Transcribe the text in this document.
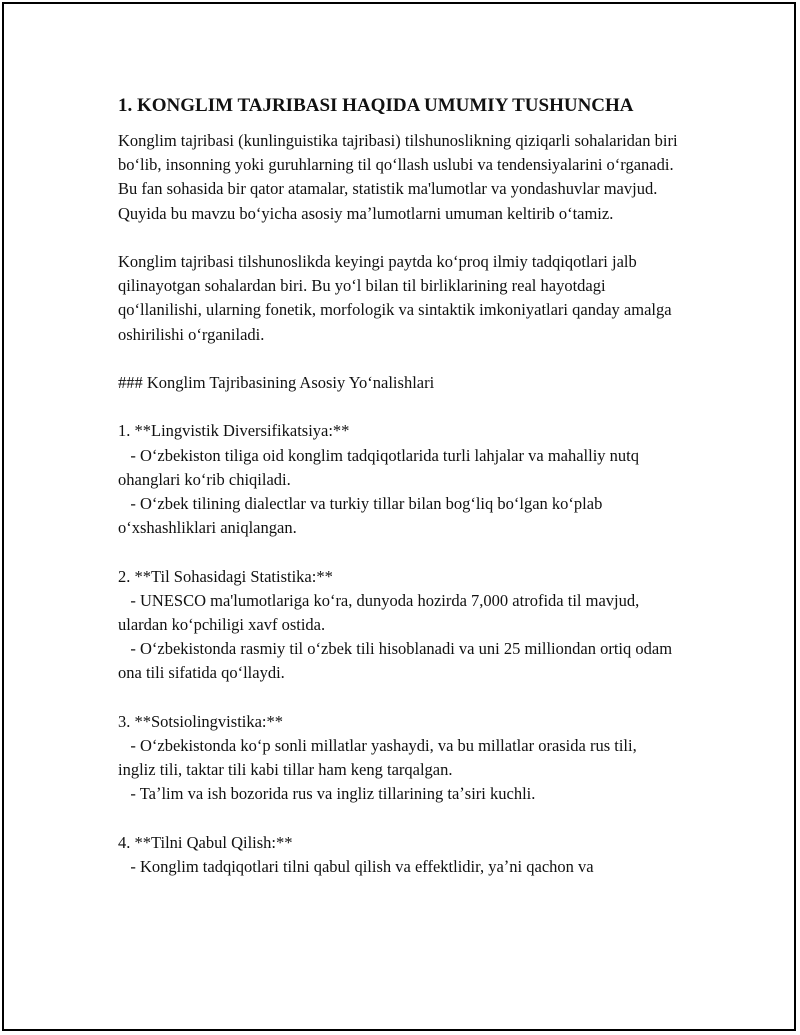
1. KONGLIM TAJRIBASI HAQIDA UMUMIY TUSHUNCHA

Konglim tajribasi (kunlinguistika tajribasi) tilshunoslikning qiziqarli sohalaridan biri boʻlib, insonning yoki guruhlarning til qoʻllash uslubi va tendensiyalarini oʻrganadi. Bu fan sohasida bir qator atamalar, statistik ma'lumotlar va yondashuvlar mavjud. Quyida bu mavzu boʻyicha asosiy maʼlumotlarni umuman keltirib oʻtamiz.

Konglim tajribasi tilshunoslikda keyingi paytda koʻproq ilmiy tadqiqotlari jalb qilinayotgan sohalardan biri. Bu yoʻl bilan til birliklarining real hayotdagi qoʻllanilishi, ularning fonetik, morfologik va sintaktik imkoniyatlari qanday amalga oshirilishi oʻrganiladi.

### Konglim Tajribasining Asosiy Yoʻnalishlari

1. **Lingvistik Diversifikatsiya:**

- Oʻzbekiston tiliga oid konglim tadqiqotlarida turli lahjalar va mahalliy nutq ohanglari koʻrib chiqiladi.

- Oʻzbek tilining dialectlar va turkiy tillar bilan bogʻliq boʻlgan koʻplab oʻxshashliklari aniqlangan.

2. **Til Sohasidagi Statistika:**

- UNESCO ma'lumotlariga koʻra, dunyoda hozirda 7,000 atrofida til mavjud, ulardan koʻpchiligi xavf ostida.

- Oʻzbekistonda rasmiy til oʻzbek tili hisoblanadi va uni 25 milliondan ortiq odam ona tili sifatida qoʻllaydi.

3. **Sotsiolingvistika:**

- Oʻzbekistonda koʻp sonli millatlar yashaydi, va bu millatlar orasida rus tili, ingliz tili, taktar tili kabi tillar ham keng tarqalgan.

- Taʼlim va ish bozorida rus va ingliz tillarining taʼsiri kuchli.

4. **Tilni Qabul Qilish:**

- Konglim tadqiqotlari tilni qabul qilish va effektlidir, yaʼni qachon va
